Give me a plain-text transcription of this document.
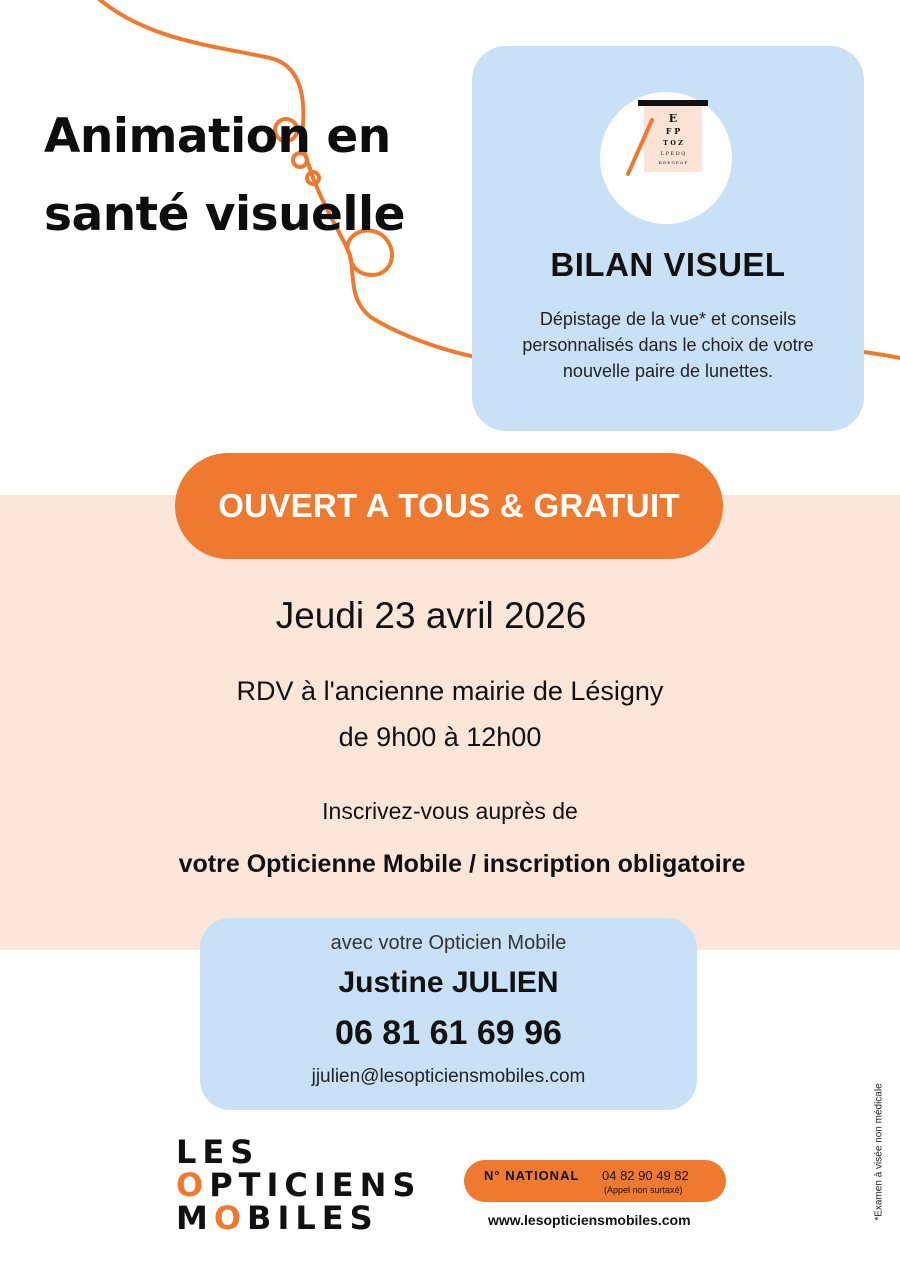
Animation en
santé visuelle
E
F P
T O Z
L P E D Q
B R E G F O P
BILAN VISUEL
Dépistage de la vue* et conseils personnalisés dans le choix de votre nouvelle paire de lunettes.
OUVERT A TOUS & GRATUIT
Jeudi 23 avril 2026
RDV à l'ancienne mairie de Lésigny
de 9h00 à 12h00
Inscrivez-vous auprès de
votre Opticienne Mobile / inscription obligatoire
avec votre Opticien Mobile
Justine JULIEN
06 81 61 69 96
jjulien@lesopticiensmobiles.com
LES
OPTICIENS
MOBILES
N° NATIONAL 04 82 90 49 82
(Appel non surtaxé)
www.lesopticiensmobiles.com	*Examen à visée non médicale
